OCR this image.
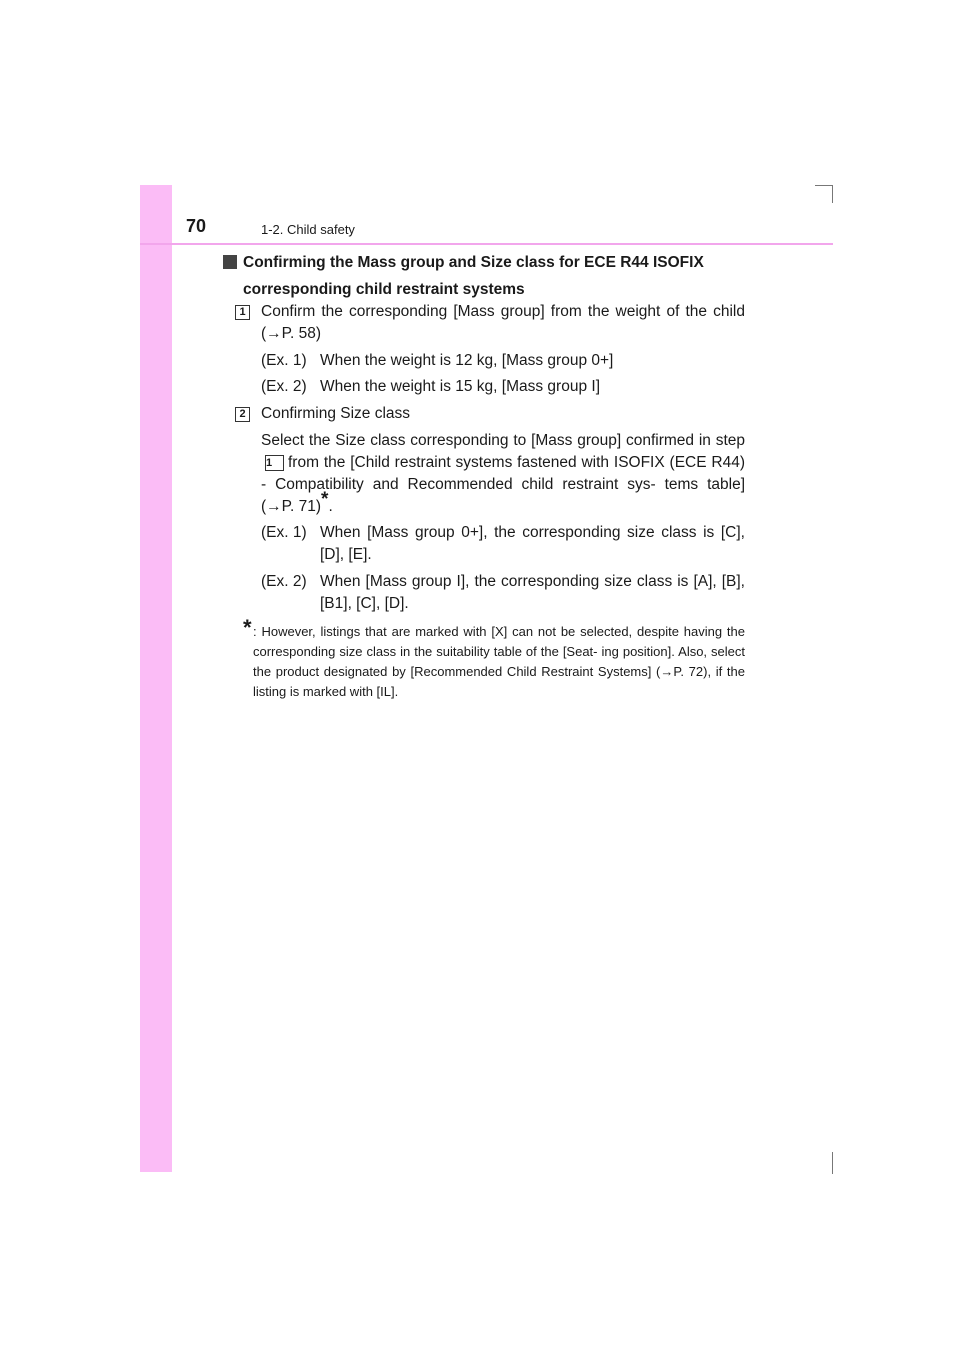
70	1-2. Child safety
Confirming the Mass group and Size class for ECE R44 ISOFIX
corresponding child restraint systems
1 Confirm the corresponding [Mass group] from the weight of the child (→P. 58)
(Ex. 1) When the weight is 12 kg, [Mass group 0+]
(Ex. 2) When the weight is 15 kg, [Mass group I]
2 Confirming Size class
Select the Size class corresponding to [Mass group] confirmed in step1 from the [Child restraint systems fastened with ISOFIX (ECE R44) - Compatibility and Recommended child restraint sys- tems table] (→P. 71)*.
(Ex. 1) When [Mass group 0+], the corresponding size class is [C], [D], [E].
(Ex. 2) When [Mass group I], the corresponding size class is [A], [B], [B1], [C], [D].
* : However, listings that are marked with [X] can not be selected, despite having the corresponding size class in the suitability table of the [Seat- ing position]. Also, select the product designated by [Recommended Child Restraint Systems] (→P. 72), if the listing is marked with [IL].
